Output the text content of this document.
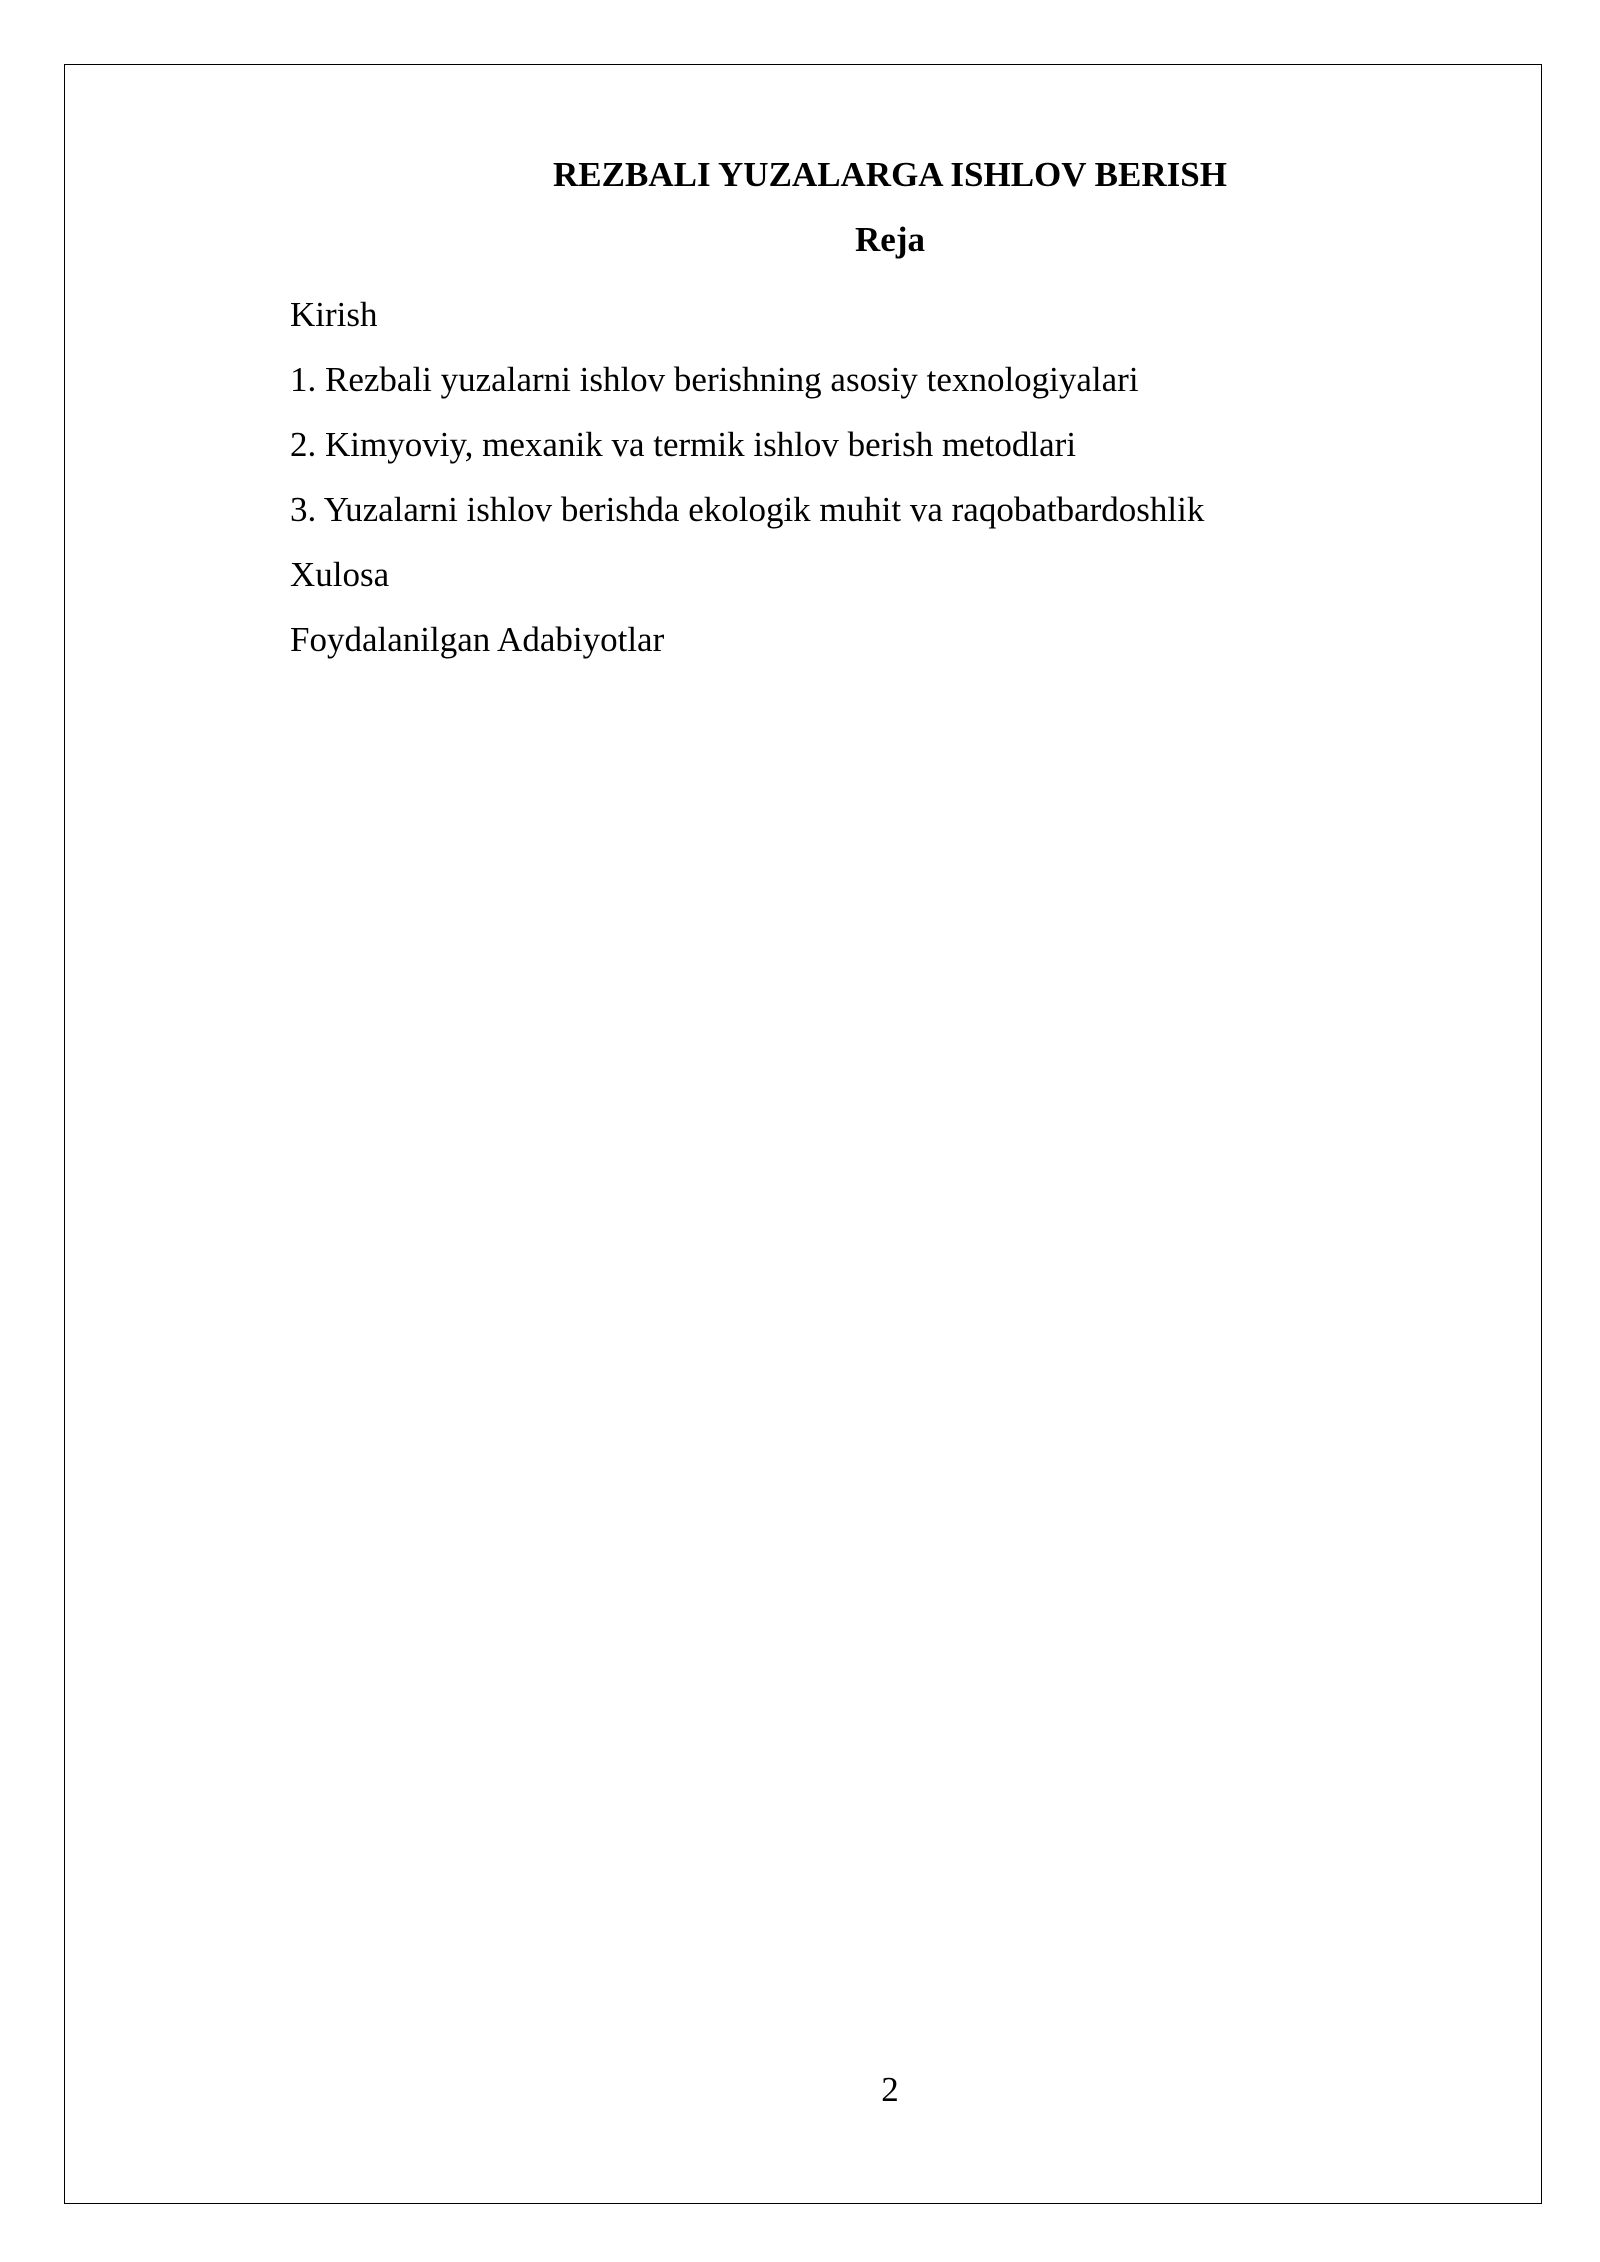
REZBALI YUZALARGA ISHLOV BERISH
Reja
Kirish
1. Rezbali yuzalarni ishlov berishning asosiy texnologiyalari
2. Kimyoviy, mexanik va termik ishlov berish metodlari
3. Yuzalarni ishlov berishda ekologik muhit va raqobatbardoshlik
Xulosa
Foydalanilgan Adabiyotlar
2
